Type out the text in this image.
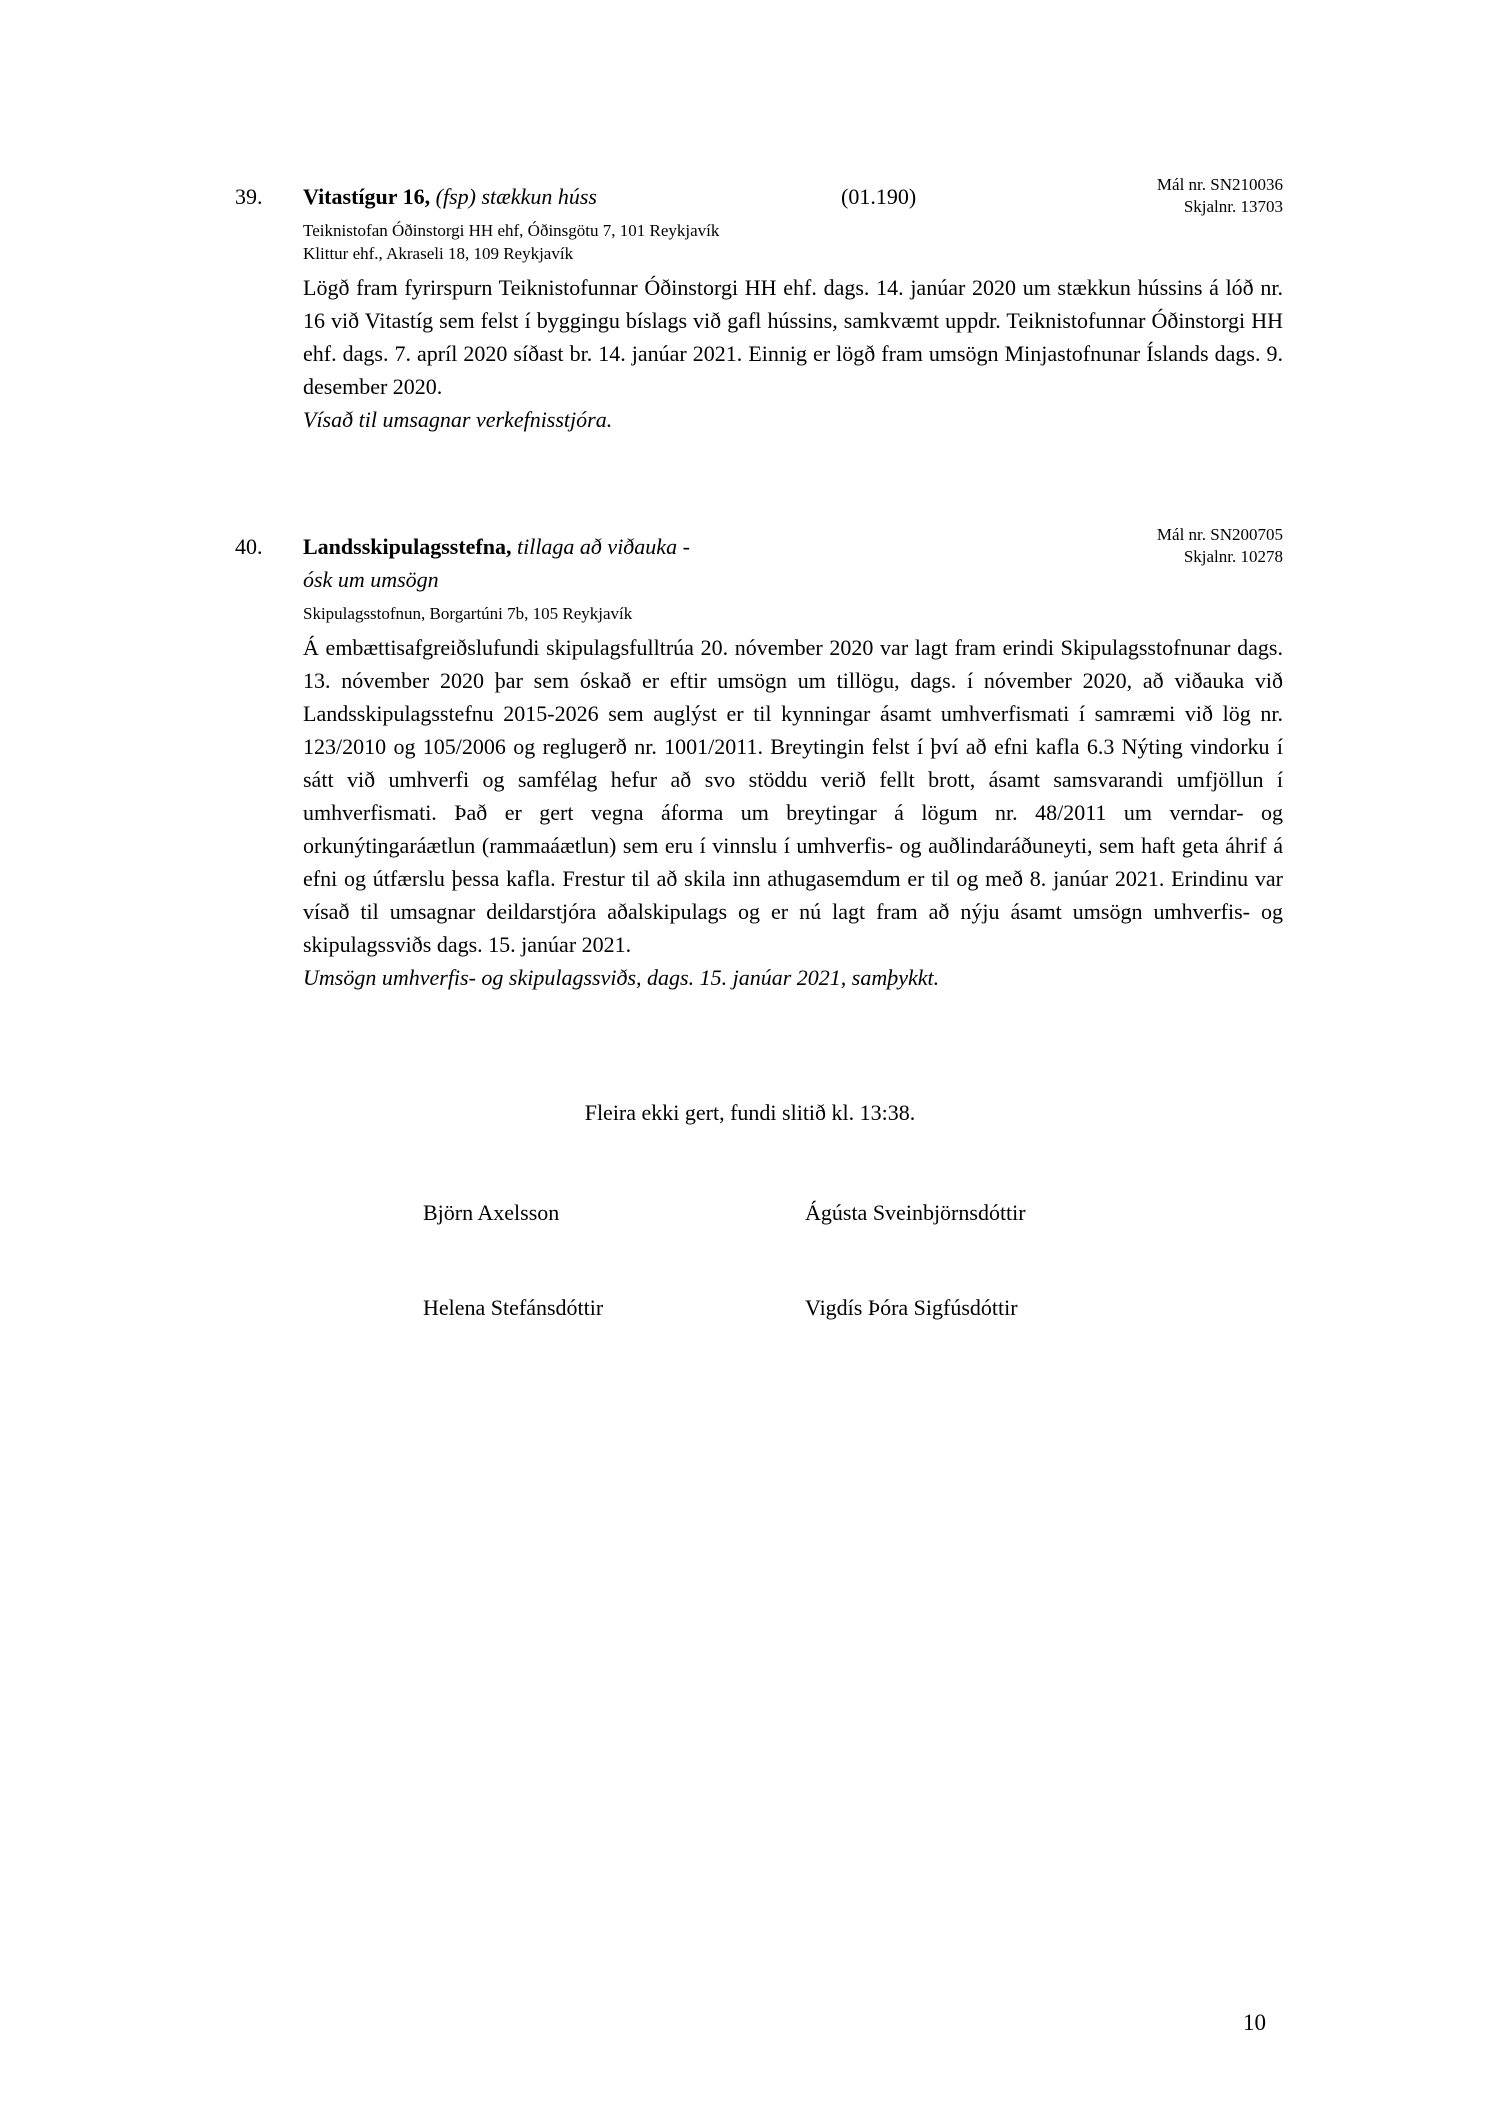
39. Vitastígur 16, (fsp) stækkun húss	(01.190)	Mál nr. SN210036
Skjalnr. 13703
Teiknistofan Óðinstorgi HH ehf, Óðinsgötu 7, 101 Reykjavík
Klittur ehf., Akraseli 18, 109 Reykjavík
Lögð fram fyrirspurn Teiknistofunnar Óðinstorgi HH ehf. dags. 14. janúar 2020 um stækkun hússins á lóð nr. 16 við Vitastíg sem felst í byggingu bíslags við gafl hússins, samkvæmt uppdr. Teiknistofunnar Óðinstorgi HH ehf. dags. 7. apríl 2020 síðast br. 14. janúar 2021. Einnig er lögð fram umsögn Minjastofnunar Íslands dags. 9. desember 2020.
Vísað til umsagnar verkefnisstjóra.
40. Landsskipulagsstefna, tillaga að viðauka -
ósk um umsögn
Mál nr. SN200705
Skjalnr. 10278
Skipulagsstofnun, Borgartúni 7b, 105 Reykjavík
Á embættisafgreiðslufundi skipulagsfulltrúa 20. nóvember 2020 var lagt fram erindi Skipulagsstofnunar dags. 13. nóvember 2020 þar sem óskað er eftir umsögn um tillögu, dags. í nóvember 2020, að viðauka við Landsskipulagsstefnu 2015-2026 sem auglýst er til kynningar ásamt umhverfismati í samræmi við lög nr. 123/2010 og 105/2006 og reglugerð nr. 1001/2011. Breytingin felst í því að efni kafla 6.3 Nýting vindorku í sátt við umhverfi og samfélag hefur að svo stöddu verið fellt brott, ásamt samsvarandi umfjöllun í umhverfismati. Það er gert vegna áforma um breytingar á lögum nr. 48/2011 um verndar- og orkunýtingaráætlun (rammaáætlun) sem eru í vinnslu í umhverfis- og auðlindaráðuneyti, sem haft geta áhrif á efni og útfærslu þessa kafla. Frestur til að skila inn athugasemdum er til og með 8. janúar 2021. Erindinu var vísað til umsagnar deildarstjóra aðalskipulags og er nú lagt fram að nýju ásamt umsögn umhverfis- og skipulagssviðs dags. 15. janúar 2021.
Umsögn umhverfis- og skipulagssviðs, dags. 15. janúar 2021, samþykkt.
Fleira ekki gert, fundi slitið kl. 13:38.
Björn Axelsson	Ágústa Sveinbjörnsdóttir
Helena Stefánsdóttir	Vigdís Þóra Sigfúsdóttir
10
